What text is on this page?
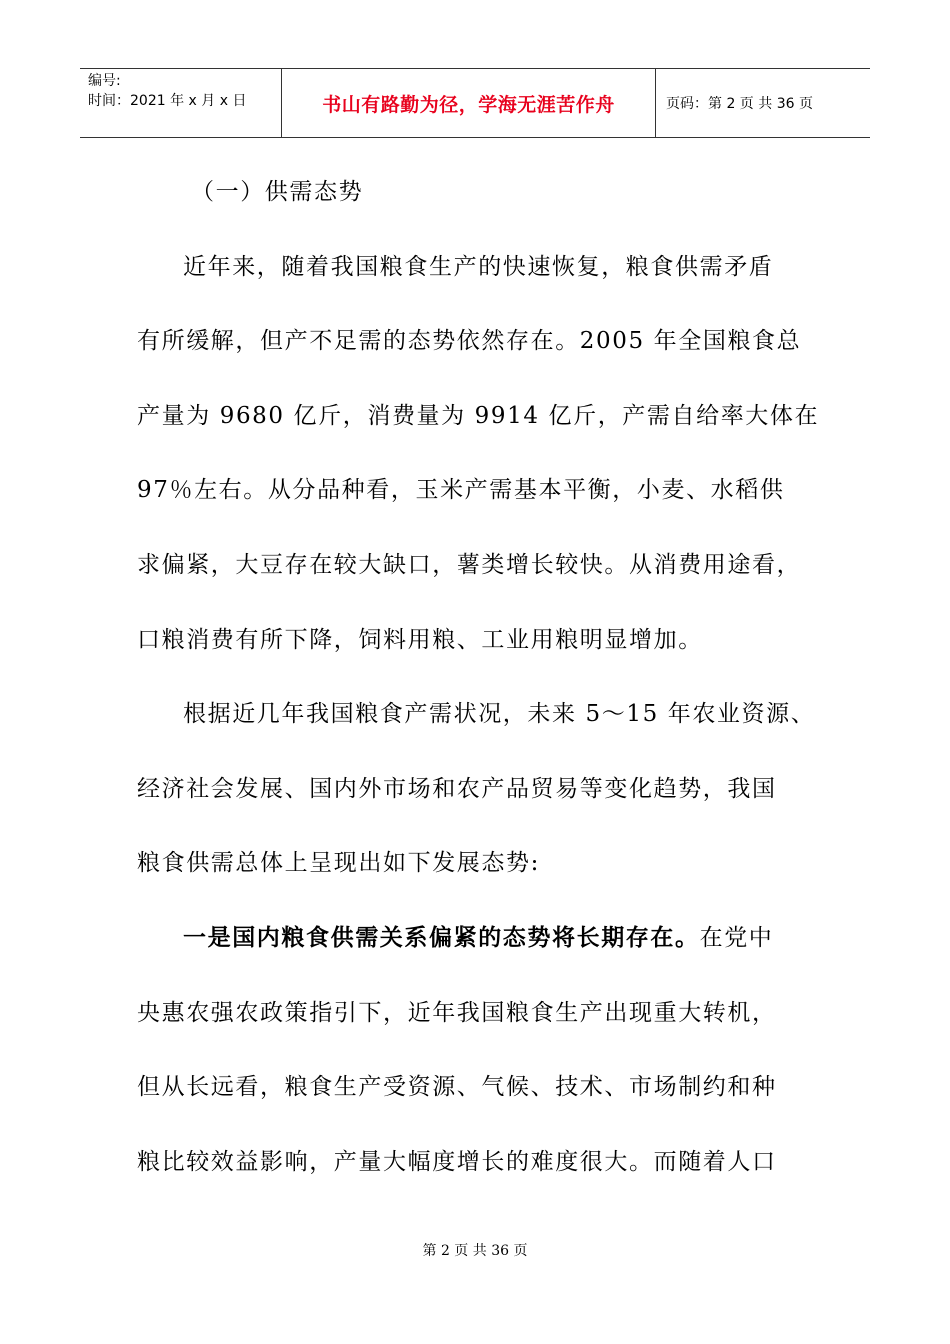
编号:
时间：2021 年 x 月 x 日	书山有路勤为径，学海无涯苦作舟	页码：第 2 页 共 36 页
（一）供需态势
近年来，随着我国粮食生产的快速恢复，粮食供需矛盾
有所缓解，但产不足需的态势依然存在。2005 年全国粮食总
产量为 9680 亿斤，消费量为 9914 亿斤，产需自给率大体在
97％左右。从分品种看，玉米产需基本平衡，小麦、水稻供
求偏紧，大豆存在较大缺口，薯类增长较快。从消费用途看，
口粮消费有所下降，饲料用粮、工业用粮明显增加。
根据近几年我国粮食产需状况，未来 5～15 年农业资源、
经济社会发展、国内外市场和农产品贸易等变化趋势，我国
粮食供需总体上呈现出如下发展态势:
一是国内粮食供需关系偏紧的态势将长期存在。在党中
央惠农强农政策指引下，近年我国粮食生产出现重大转机，
但从长远看，粮食生产受资源、气候、技术、市场制约和种
粮比较效益影响，产量大幅度增长的难度很大。而随着人口
第 2 页 共 36 页
